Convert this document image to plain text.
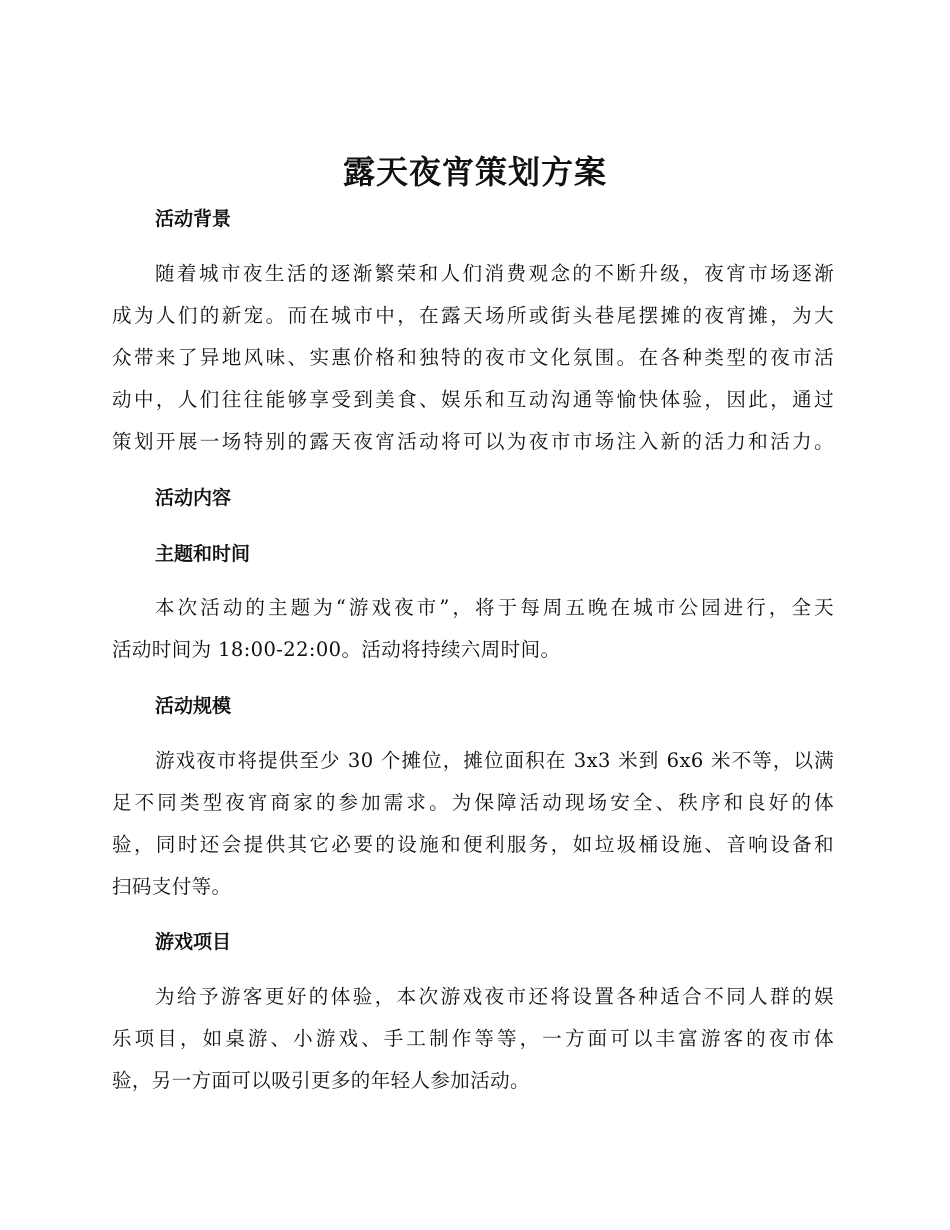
露天夜宵策划方案
活动背景
随着城市夜生活的逐渐繁荣和人们消费观念的不断升级，夜宵市场逐渐
成为人们的新宠。而在城市中，在露天场所或街头巷尾摆摊的夜宵摊，为大
众带来了异地风味、实惠价格和独特的夜市文化氛围。在各种类型的夜市活
动中，人们往往能够享受到美食、娱乐和互动沟通等愉快体验，因此，通过
策划开展一场特别的露天夜宵活动将可以为夜市市场注入新的活力和活力。
活动内容
主题和时间
本次活动的主题为“游戏夜市”，将于每周五晚在城市公园进行，全天
活动时间为 18:00-22:00。活动将持续六周时间。
活动规模
游戏夜市将提供至少 30 个摊位，摊位面积在 3x3 米到 6x6 米不等，以满
足不同类型夜宵商家的参加需求。为保障活动现场安全、秩序和良好的体
验，同时还会提供其它必要的设施和便利服务，如垃圾桶设施、音响设备和
扫码支付等。
游戏项目
为给予游客更好的体验，本次游戏夜市还将设置各种适合不同人群的娱
乐项目，如桌游、小游戏、手工制作等等，一方面可以丰富游客的夜市体
验，另一方面可以吸引更多的年轻人参加活动。
